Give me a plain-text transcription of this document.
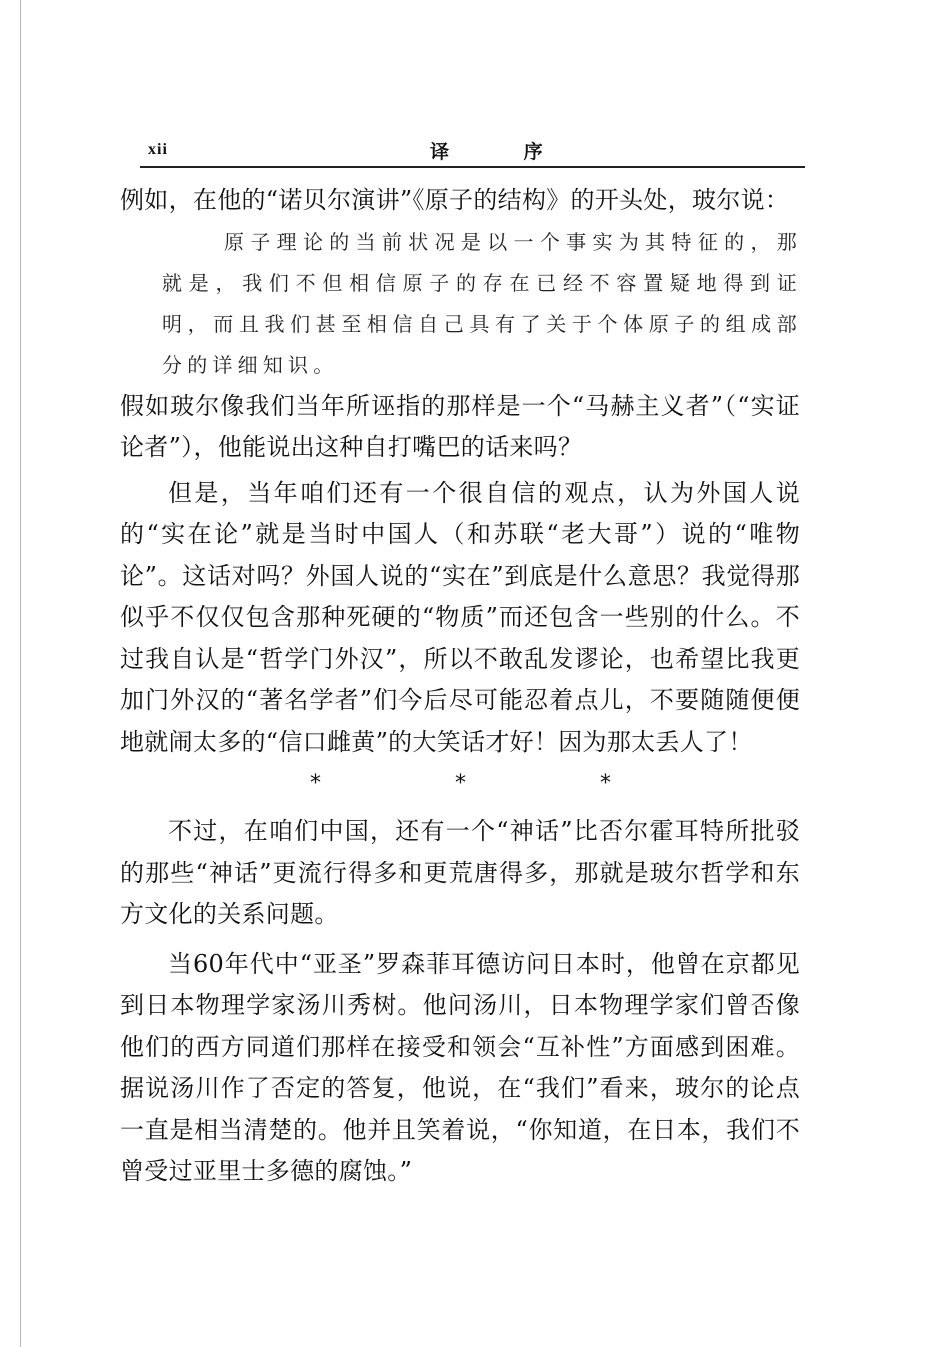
xii	译 序

例如，在他的“诺贝尔演讲”《原子的结构》的开头处，玻尔说：

原子理论的当前状况是以一个事实为其特征的，那就是，我们不但相信原子的存在已经不容置疑地得到证明，而且我们甚至相信自己具有了关于个体原子的组成部分的详细知识。

假如玻尔像我们当年所诬指的那样是一个“马赫主义者”（“实证论者”），他能说出这种自打嘴巴的话来吗？

但是，当年咱们还有一个很自信的观点，认为外国人说的“实在论”就是当时中国人（和苏联“老大哥”）说的“唯物论”。这话对吗？外国人说的“实在”到底是什么意思？我觉得那似乎不仅仅包含那种死硬的“物质”而还包含一些别的什么。不过我自认是“哲学门外汉”，所以不敢乱发谬论，也希望比我更加门外汉的“著名学者”们今后尽可能忍着点儿，不要随随便便地就闹太多的“信口雌黄”的大笑话才好！因为那太丢人了！

*	*	*

不过，在咱们中国，还有一个“神话”比否尔霍耳特所批驳的那些“神话”更流行得多和更荒唐得多，那就是玻尔哲学和东方文化的关系问题。

当60年代中“亚圣”罗森菲耳德访问日本时，他曾在京都见到日本物理学家汤川秀树。他问汤川，日本物理学家们曾否像他们的西方同道们那样在接受和领会“互补性”方面感到困难。据说汤川作了否定的答复，他说，在“我们”看来，玻尔的论点一直是相当清楚的。他并且笑着说，“你知道，在日本，我们不曾受过亚里士多德的腐蚀。”
